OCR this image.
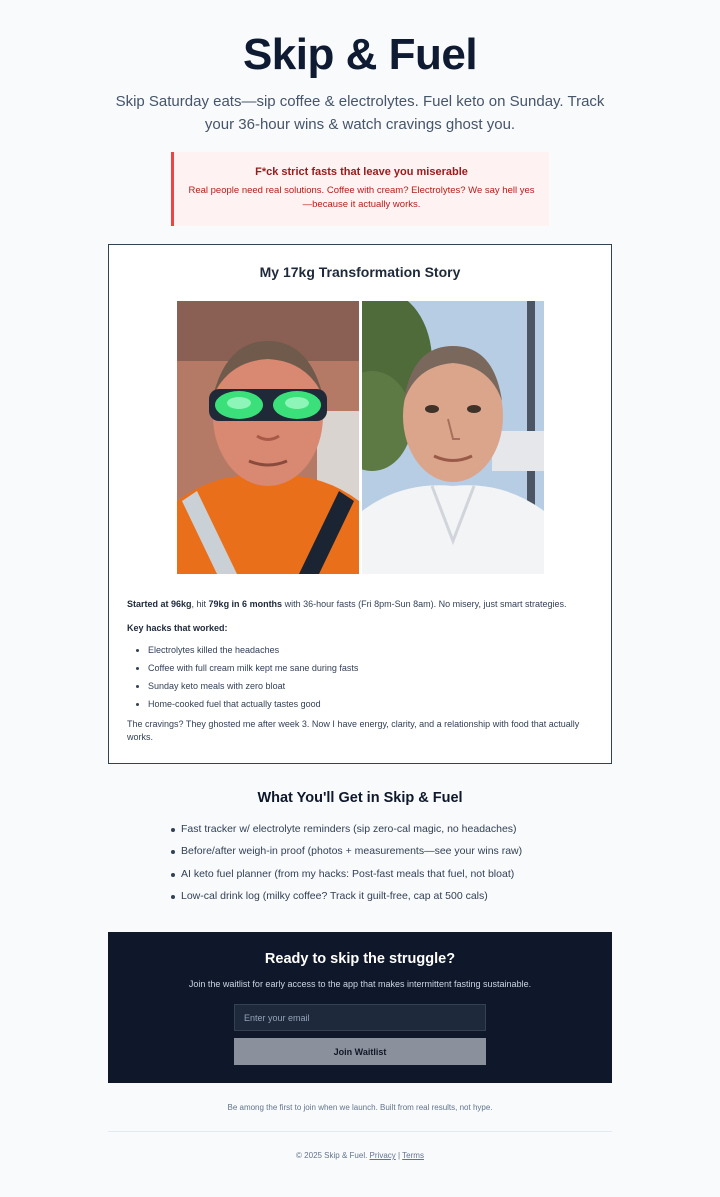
Skip & Fuel
Skip Saturday eats—sip coffee & electrolytes. Fuel keto on Sunday. Track your 36-hour wins & watch cravings ghost you.
F*ck strict fasts that leave you miserable
Real people need real solutions. Coffee with cream? Electrolytes? We say hell yes—because it actually works.
My 17kg Transformation Story

Started at 96kg, hit 79kg in 6 months with 36-hour fasts (Fri 8pm-Sun 8am). No misery, just smart strategies.

Key hacks that worked:

• Electrolytes killed the headaches
• Coffee with full cream milk kept me sane during fasts
• Sunday keto meals with zero bloat
• Home-cooked fuel that actually tastes good

The cravings? They ghosted me after week 3. Now I have energy, clarity, and a relationship with food that actually works.

What You'll Get in Skip & Fuel
Fast tracker w/ electrolyte reminders (sip zero-cal magic, no headaches)
Before/after weigh-in proof (photos + measurements—see your wins raw)
AI keto fuel planner (from my hacks: Post-fast meals that fuel, not bloat)
Low-cal drink log (milky coffee? Track it guilt-free, cap at 500 cals)
Ready to skip the struggle?
Join the waitlist for early access to the app that makes intermittent fasting sustainable.
Enter your email
Join Waitlist
Be among the first to join when we launch. Built from real results, not hype.
© 2025 Skip & Fuel. Privacy | Terms
